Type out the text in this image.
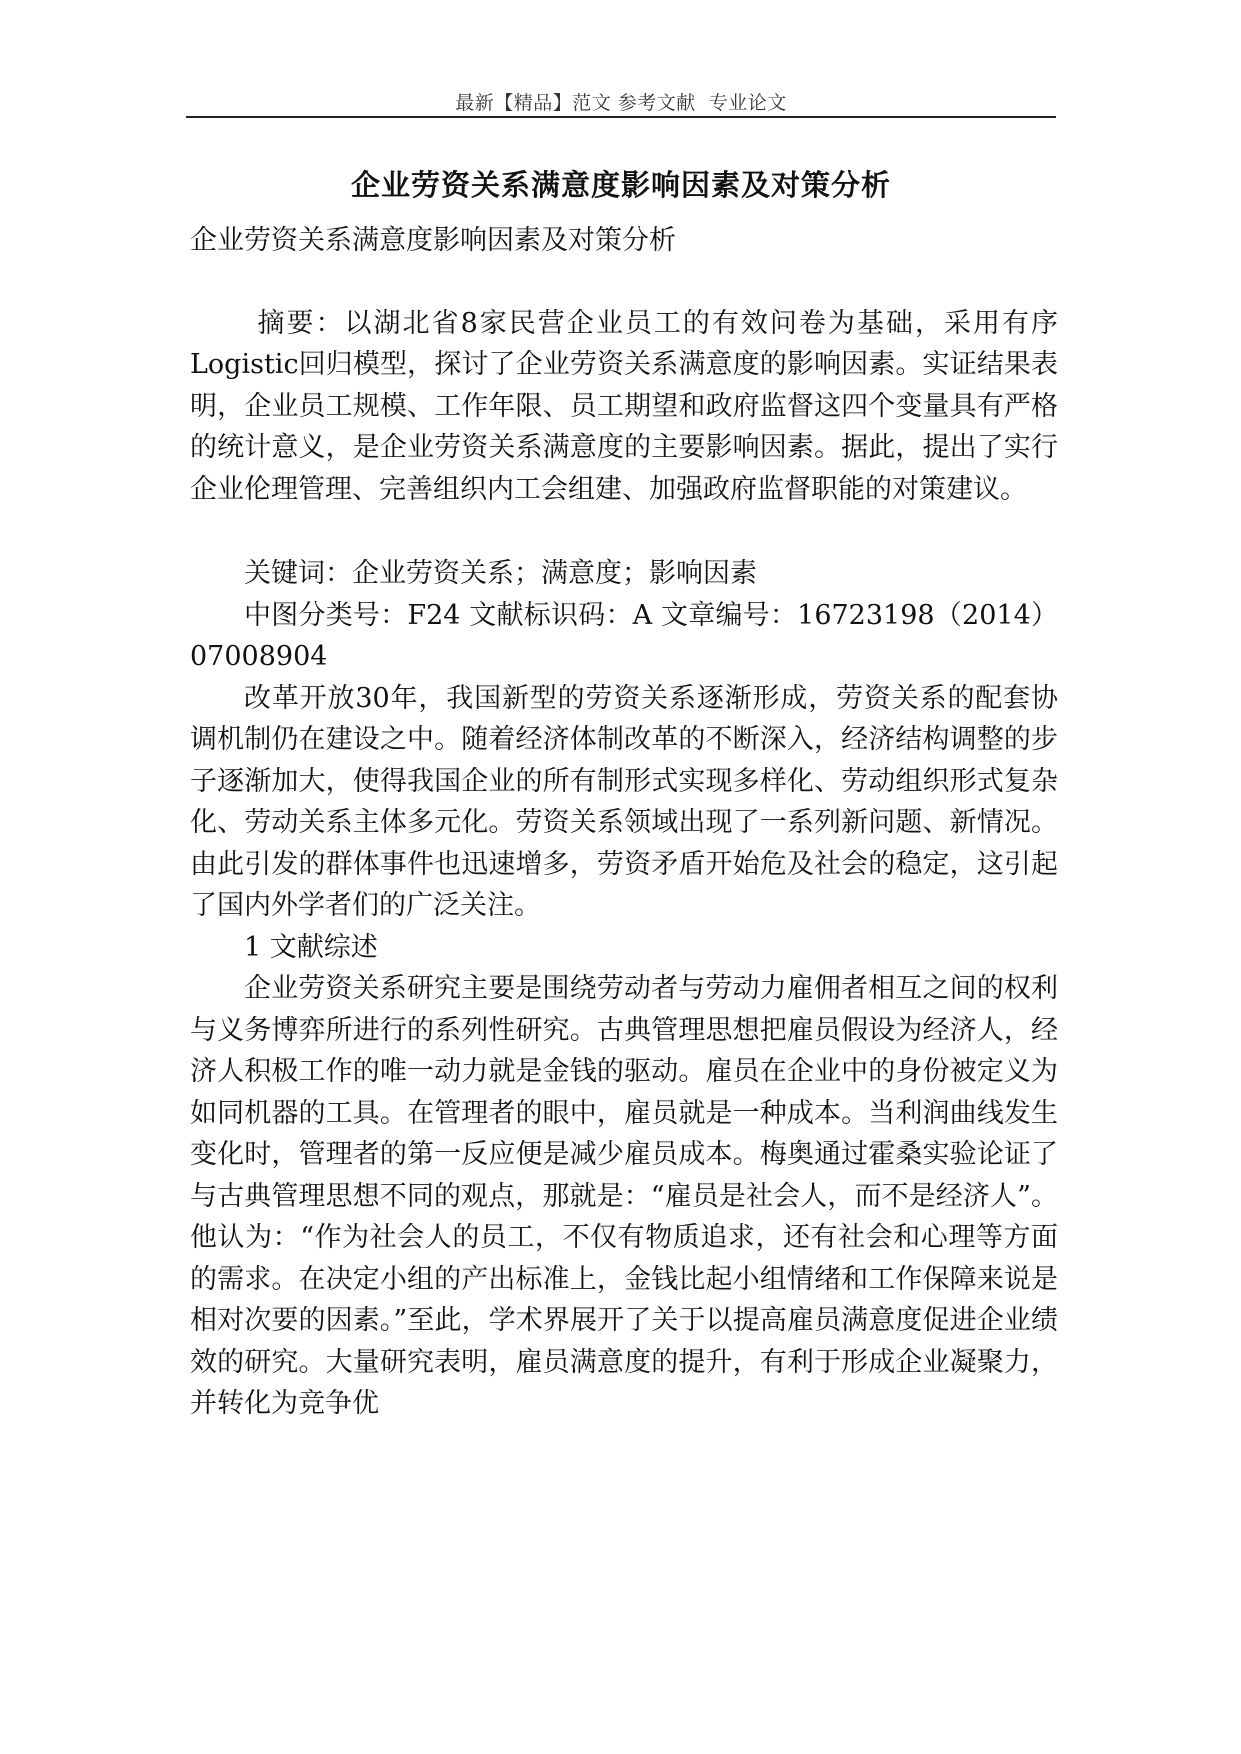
最新【精品】范文 参考文献  专业论文
企业劳资关系满意度影响因素及对策分析

企业劳资关系满意度影响因素及对策分析

摘要：以湖北省8家民营企业员工的有效问卷为基础，采用有序Logistic回归模型，探讨了企业劳资关系满意度的影响因素。实证结果表明，企业员工规模、工作年限、员工期望和政府监督这四个变量具有严格的统计意义，是企业劳资关系满意度的主要影响因素。据此，提出了实行企业伦理管理、完善组织内工会组建、加强政府监督职能的对策建议。

关键词：企业劳资关系；满意度；影响因素

中图分类号：F24 文献标识码：A 文章编号：16723198（2014）07008904

改革开放30年，我国新型的劳资关系逐渐形成，劳资关系的配套协调机制仍在建设之中。随着经济体制改革的不断深入，经济结构调整的步子逐渐加大，使得我国企业的所有制形式实现多样化、劳动组织形式复杂化、劳动关系主体多元化。劳资关系领域出现了一系列新问题、新情况。由此引发的群体事件也迅速增多，劳资矛盾开始危及社会的稳定，这引起了国内外学者们的广泛关注。

1 文献综述

企业劳资关系研究主要是围绕劳动者与劳动力雇佣者相互之间的权利与义务博弈所进行的系列性研究。古典管理思想把雇员假设为经济人，经济人积极工作的唯一动力就是金钱的驱动。雇员在企业中的身份被定义为如同机器的工具。在管理者的眼中，雇员就是一种成本。当利润曲线发生变化时，管理者的第一反应便是减少雇员成本。梅奥通过霍桑实验论证了与古典管理思想不同的观点，那就是：“雇员是社会人，而不是经济人”。他认为：“作为社会人的员工，不仅有物质追求，还有社会和心理等方面的需求。在决定小组的产出标准上，金钱比起小组情绪和工作保障来说是相对次要的因素。”至此，学术界展开了关于以提高雇员满意度促进企业绩效的研究。大量研究表明，雇员满意度的提升，有利于形成企业凝聚力，并转化为竞争优
